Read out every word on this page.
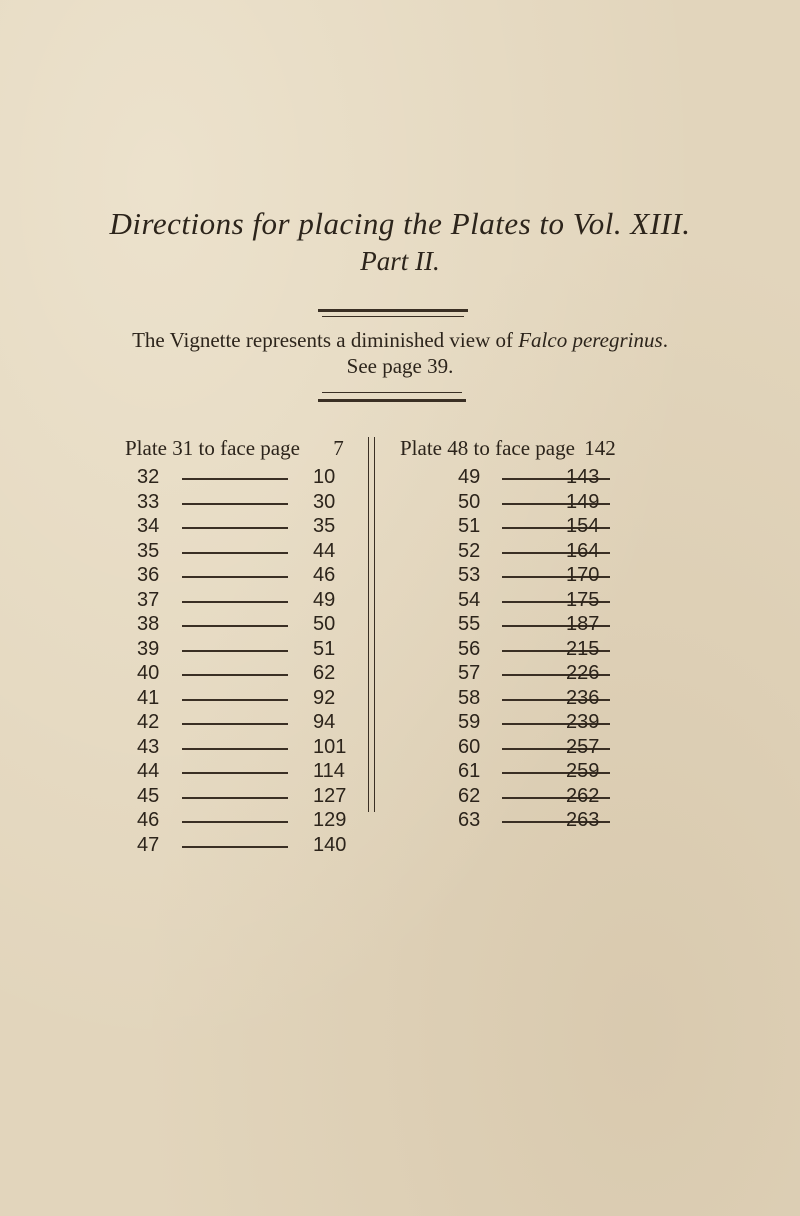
Directions for placing the Plates to Vol. XIII.
Part II.
The Vignette represents a diminished view of Falco peregrinus.
See page 39.
Plate 31 to face page 7	Plate 48 to face page 142
32	10
33	30
34	35
35	44
36	46
37	49
38	50
39	51
40	62
41	92
42	94
43	101
44	114
45	127
46	129
47	140
49	143
50	149
51	154
52	164
53	170
54	175
55	187
56	215
57	226
58	236
59	239
60	257
61	259
62	262
63	263
